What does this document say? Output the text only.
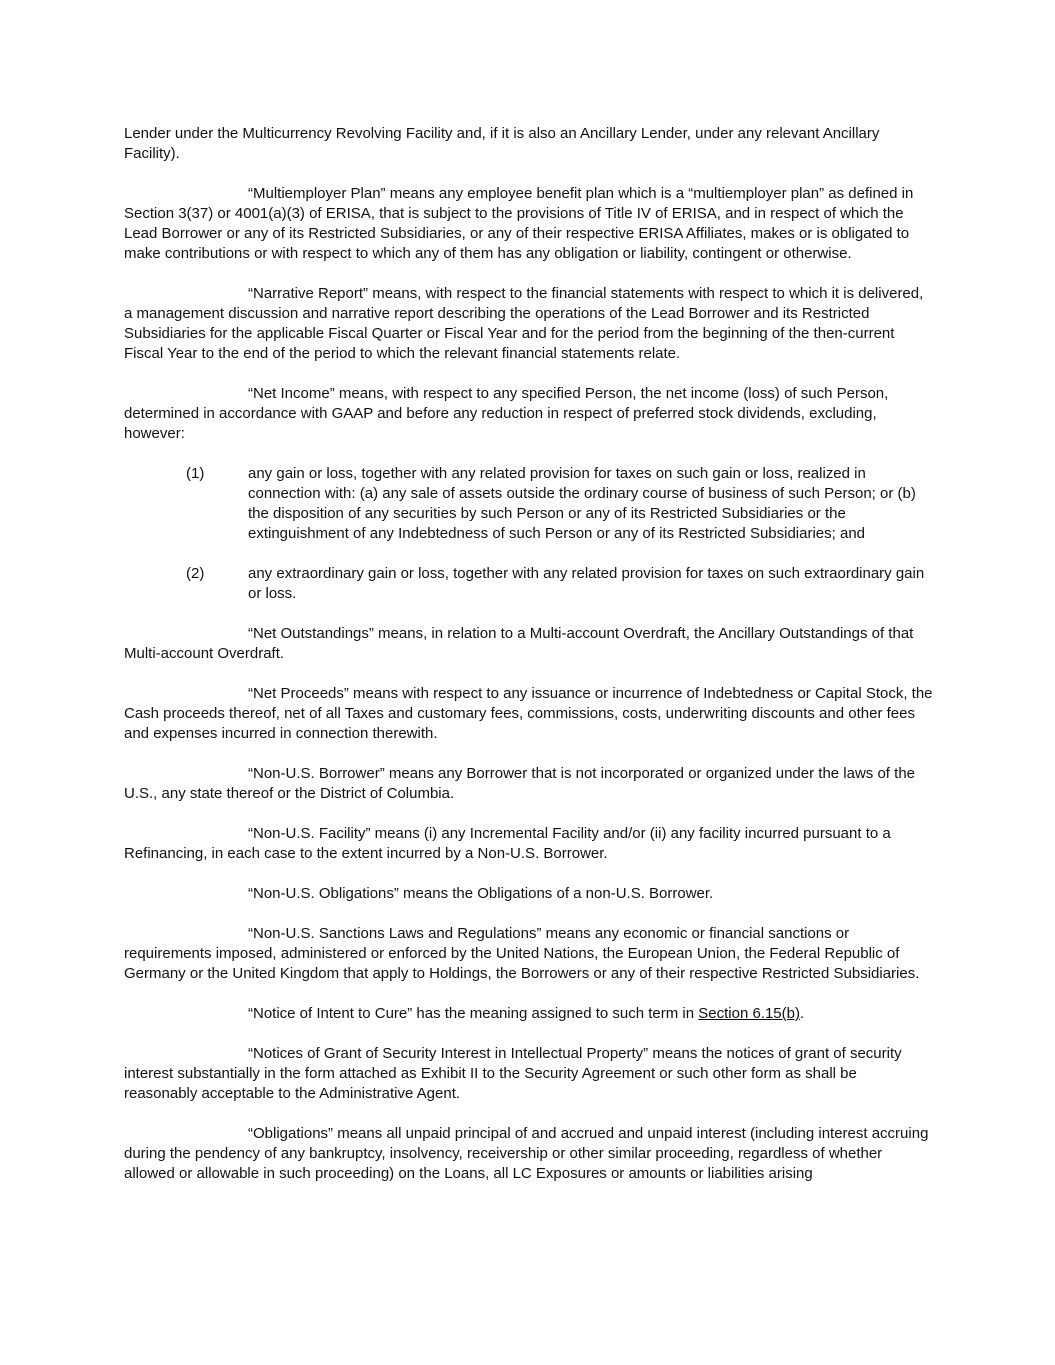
Lender under the Multicurrency Revolving Facility and, if it is also an Ancillary Lender, under any relevant Ancillary Facility).

“Multiemployer Plan” means any employee benefit plan which is a “multiemployer plan” as defined in Section 3(37) or 4001(a)(3) of ERISA, that is subject to the provisions of Title IV of ERISA, and in respect of which the Lead Borrower or any of its Restricted Subsidiaries, or any of their respective ERISA Affiliates, makes or is obligated to make contributions or with respect to which any of them has any obligation or liability, contingent or otherwise.

“Narrative Report” means, with respect to the financial statements with respect to which it is delivered, a management discussion and narrative report describing the operations of the Lead Borrower and its Restricted Subsidiaries for the applicable Fiscal Quarter or Fiscal Year and for the period from the beginning of the then-current Fiscal Year to the end of the period to which the relevant financial statements relate.

“Net Income” means, with respect to any specified Person, the net income (loss) of such Person, determined in accordance with GAAP and before any reduction in respect of preferred stock dividends, excluding, however:

(1)	any gain or loss, together with any related provision for taxes on such gain or loss, realized in connection with: (a) any sale of assets outside the ordinary course of business of such Person; or (b) the disposition of any securities by such Person or any of its Restricted Subsidiaries or the extinguishment of any Indebtedness of such Person or any of its Restricted Subsidiaries; and
(2)	any extraordinary gain or loss, together with any related provision for taxes on such extraordinary gain or loss.

“Net Outstandings” means, in relation to a Multi-account Overdraft, the Ancillary Outstandings of that Multi-account Overdraft.

“Net Proceeds” means with respect to any issuance or incurrence of Indebtedness or Capital Stock, the Cash proceeds thereof, net of all Taxes and customary fees, commissions, costs, underwriting discounts and other fees and expenses incurred in connection therewith.

“Non-U.S. Borrower” means any Borrower that is not incorporated or organized under the laws of the U.S., any state thereof or the District of Columbia.

“Non-U.S. Facility” means (i) any Incremental Facility and/or (ii) any facility incurred pursuant to a Refinancing, in each case to the extent incurred by a Non-U.S. Borrower.

“Non-U.S. Obligations” means the Obligations of a non-U.S. Borrower.

“Non-U.S. Sanctions Laws and Regulations” means any economic or financial sanctions or requirements imposed, administered or enforced by the United Nations, the European Union, the Federal Republic of Germany or the United Kingdom that apply to Holdings, the Borrowers or any of their respective Restricted Subsidiaries.

“Notice of Intent to Cure” has the meaning assigned to such term in Section 6.15(b).

“Notices of Grant of Security Interest in Intellectual Property” means the notices of grant of security interest substantially in the form attached as Exhibit II to the Security Agreement or such other form as shall be reasonably acceptable to the Administrative Agent.

“Obligations” means all unpaid principal of and accrued and unpaid interest (including interest accruing during the pendency of any bankruptcy, insolvency, receivership or other similar proceeding, regardless of whether allowed or allowable in such proceeding) on the Loans, all LC Exposures or amounts or liabilities arising
